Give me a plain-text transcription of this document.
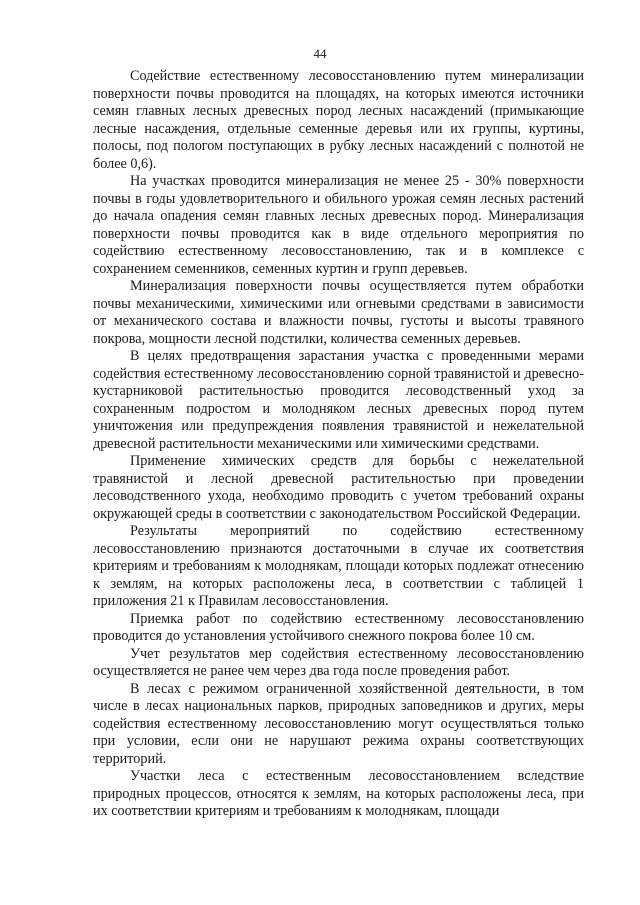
44

Содействие естественному лесовосстановлению путем минерализации поверхности почвы проводится на площадях, на которых имеются источники семян главных лесных древесных пород лесных насаждений (примыкающие лесные насаждения, отдельные семенные деревья или их группы, куртины, полосы, под пологом поступающих в рубку лесных насаждений с полнотой не более 0,6).

На участках проводится минерализация не менее 25 - 30% поверхности почвы в годы удовлетворительного и обильного урожая семян лесных растений до начала опадения семян главных лесных древесных пород. Минерализация поверхности почвы проводится как в виде отдельного мероприятия по содействию естественному лесовосстановлению, так и в комплексе с сохранением семенников, семенных куртин и групп деревьев.

Минерализация поверхности почвы осуществляется путем обработки почвы механическими, химическими или огневыми средствами в зависимости от механического состава и влажности почвы, густоты и высоты травяного покрова, мощности лесной подстилки, количества семенных деревьев.

В целях предотвращения зарастания участка с проведенными мерами содействия естественному лесовосстановлению сорной травянистой и древесно-кустарниковой растительностью проводится лесоводственный уход за сохраненным подростом и молодняком лесных древесных пород путем уничтожения или предупреждения появления травянистой и нежелательной древесной растительности механическими или химическими средствами.

Применение химических средств для борьбы с нежелательной травянистой и лесной древесной растительностью при проведении лесоводственного ухода, необходимо проводить с учетом требований охраны окружающей среды в соответствии с законодательством Российской Федерации.

Результаты мероприятий по содействию естественному лесовосстановлению признаются достаточными в случае их соответствия критериям и требованиям к молоднякам, площади которых подлежат отнесению к землям, на которых расположены леса, в соответствии с таблицей 1 приложения 21 к Правилам лесовосстановления.

Приемка работ по содействию естественному лесовосстановлению проводится до установления устойчивого снежного покрова более 10 см.

Учет результатов мер содействия естественному лесовосстановлению осуществляется не ранее чем через два года после проведения работ.

В лесах с режимом ограниченной хозяйственной деятельности, в том числе в лесах национальных парков, природных заповедников и других, меры содействия естественному лесовосстановлению могут осуществляться только при условии, если они не нарушают режима охраны соответствующих территорий.

Участки леса с естественным лесовосстановлением вследствие природных процессов, относятся к землям, на которых расположены леса, при их соответствии критериям и требованиям к молоднякам, площади
